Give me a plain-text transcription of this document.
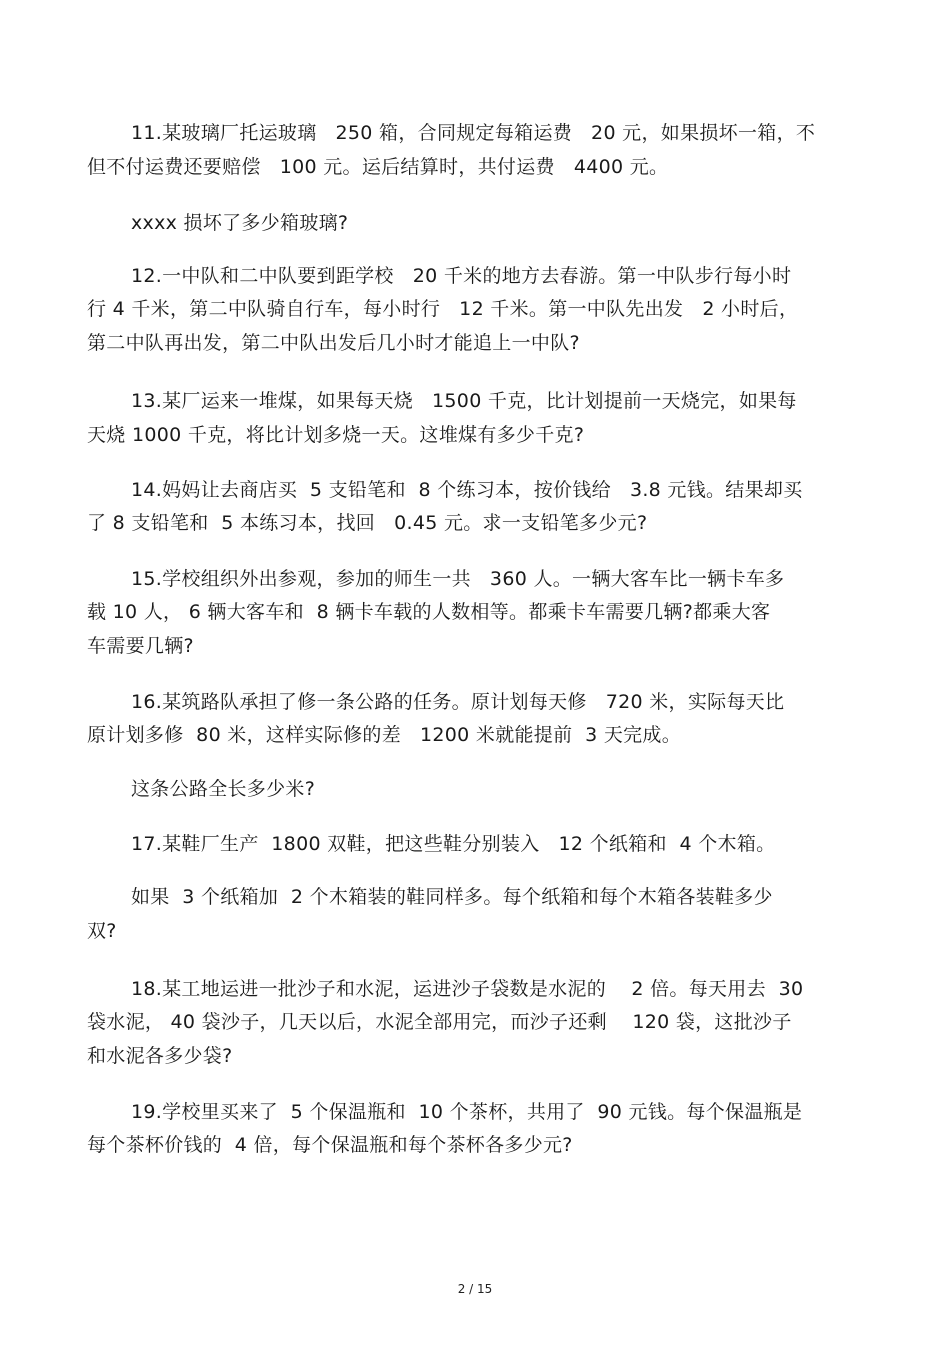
11.某玻璃厂托运玻璃   250 箱，合同规定每箱运费   20 元，如果损坏一箱，不
但不付运费还要赔偿   100 元。运后结算时，共付运费   4400 元。
xxxx 损坏了多少箱玻璃?
12.一中队和二中队要到距学校   20 千米的地方去春游。第一中队步行每小时
行 4 千米，第二中队骑自行车，每小时行   12 千米。第一中队先出发   2 小时后，
第二中队再出发，第二中队出发后几小时才能追上一中队?
13.某厂运来一堆煤，如果每天烧   1500 千克，比计划提前一天烧完，如果每
天烧 1000 千克，将比计划多烧一天。这堆煤有多少千克?
14.妈妈让去商店买  5 支铅笔和  8 个练习本，按价钱给   3.8 元钱。结果却买
了 8 支铅笔和  5 本练习本，找回   0.45 元。求一支铅笔多少元?
15.学校组织外出参观，参加的师生一共   360 人。一辆大客车比一辆卡车多
载 10 人， 6 辆大客车和  8 辆卡车载的人数相等。都乘卡车需要几辆?都乘大客
车需要几辆?
16.某筑路队承担了修一条公路的任务。原计划每天修   720 米，实际每天比
原计划多修  80 米，这样实际修的差   1200 米就能提前  3 天完成。
这条公路全长多少米?
17.某鞋厂生产  1800 双鞋，把这些鞋分别装入   12 个纸箱和  4 个木箱。
如果  3 个纸箱加  2 个木箱装的鞋同样多。每个纸箱和每个木箱各装鞋多少
双?
18.某工地运进一批沙子和水泥，运进沙子袋数是水泥的    2 倍。每天用去  30
袋水泥， 40 袋沙子，几天以后，水泥全部用完，而沙子还剩    120 袋，这批沙子
和水泥各多少袋?
19.学校里买来了  5 个保温瓶和  10 个茶杯，共用了  90 元钱。每个保温瓶是
每个茶杯价钱的  4 倍，每个保温瓶和每个茶杯各多少元?
2 / 15
